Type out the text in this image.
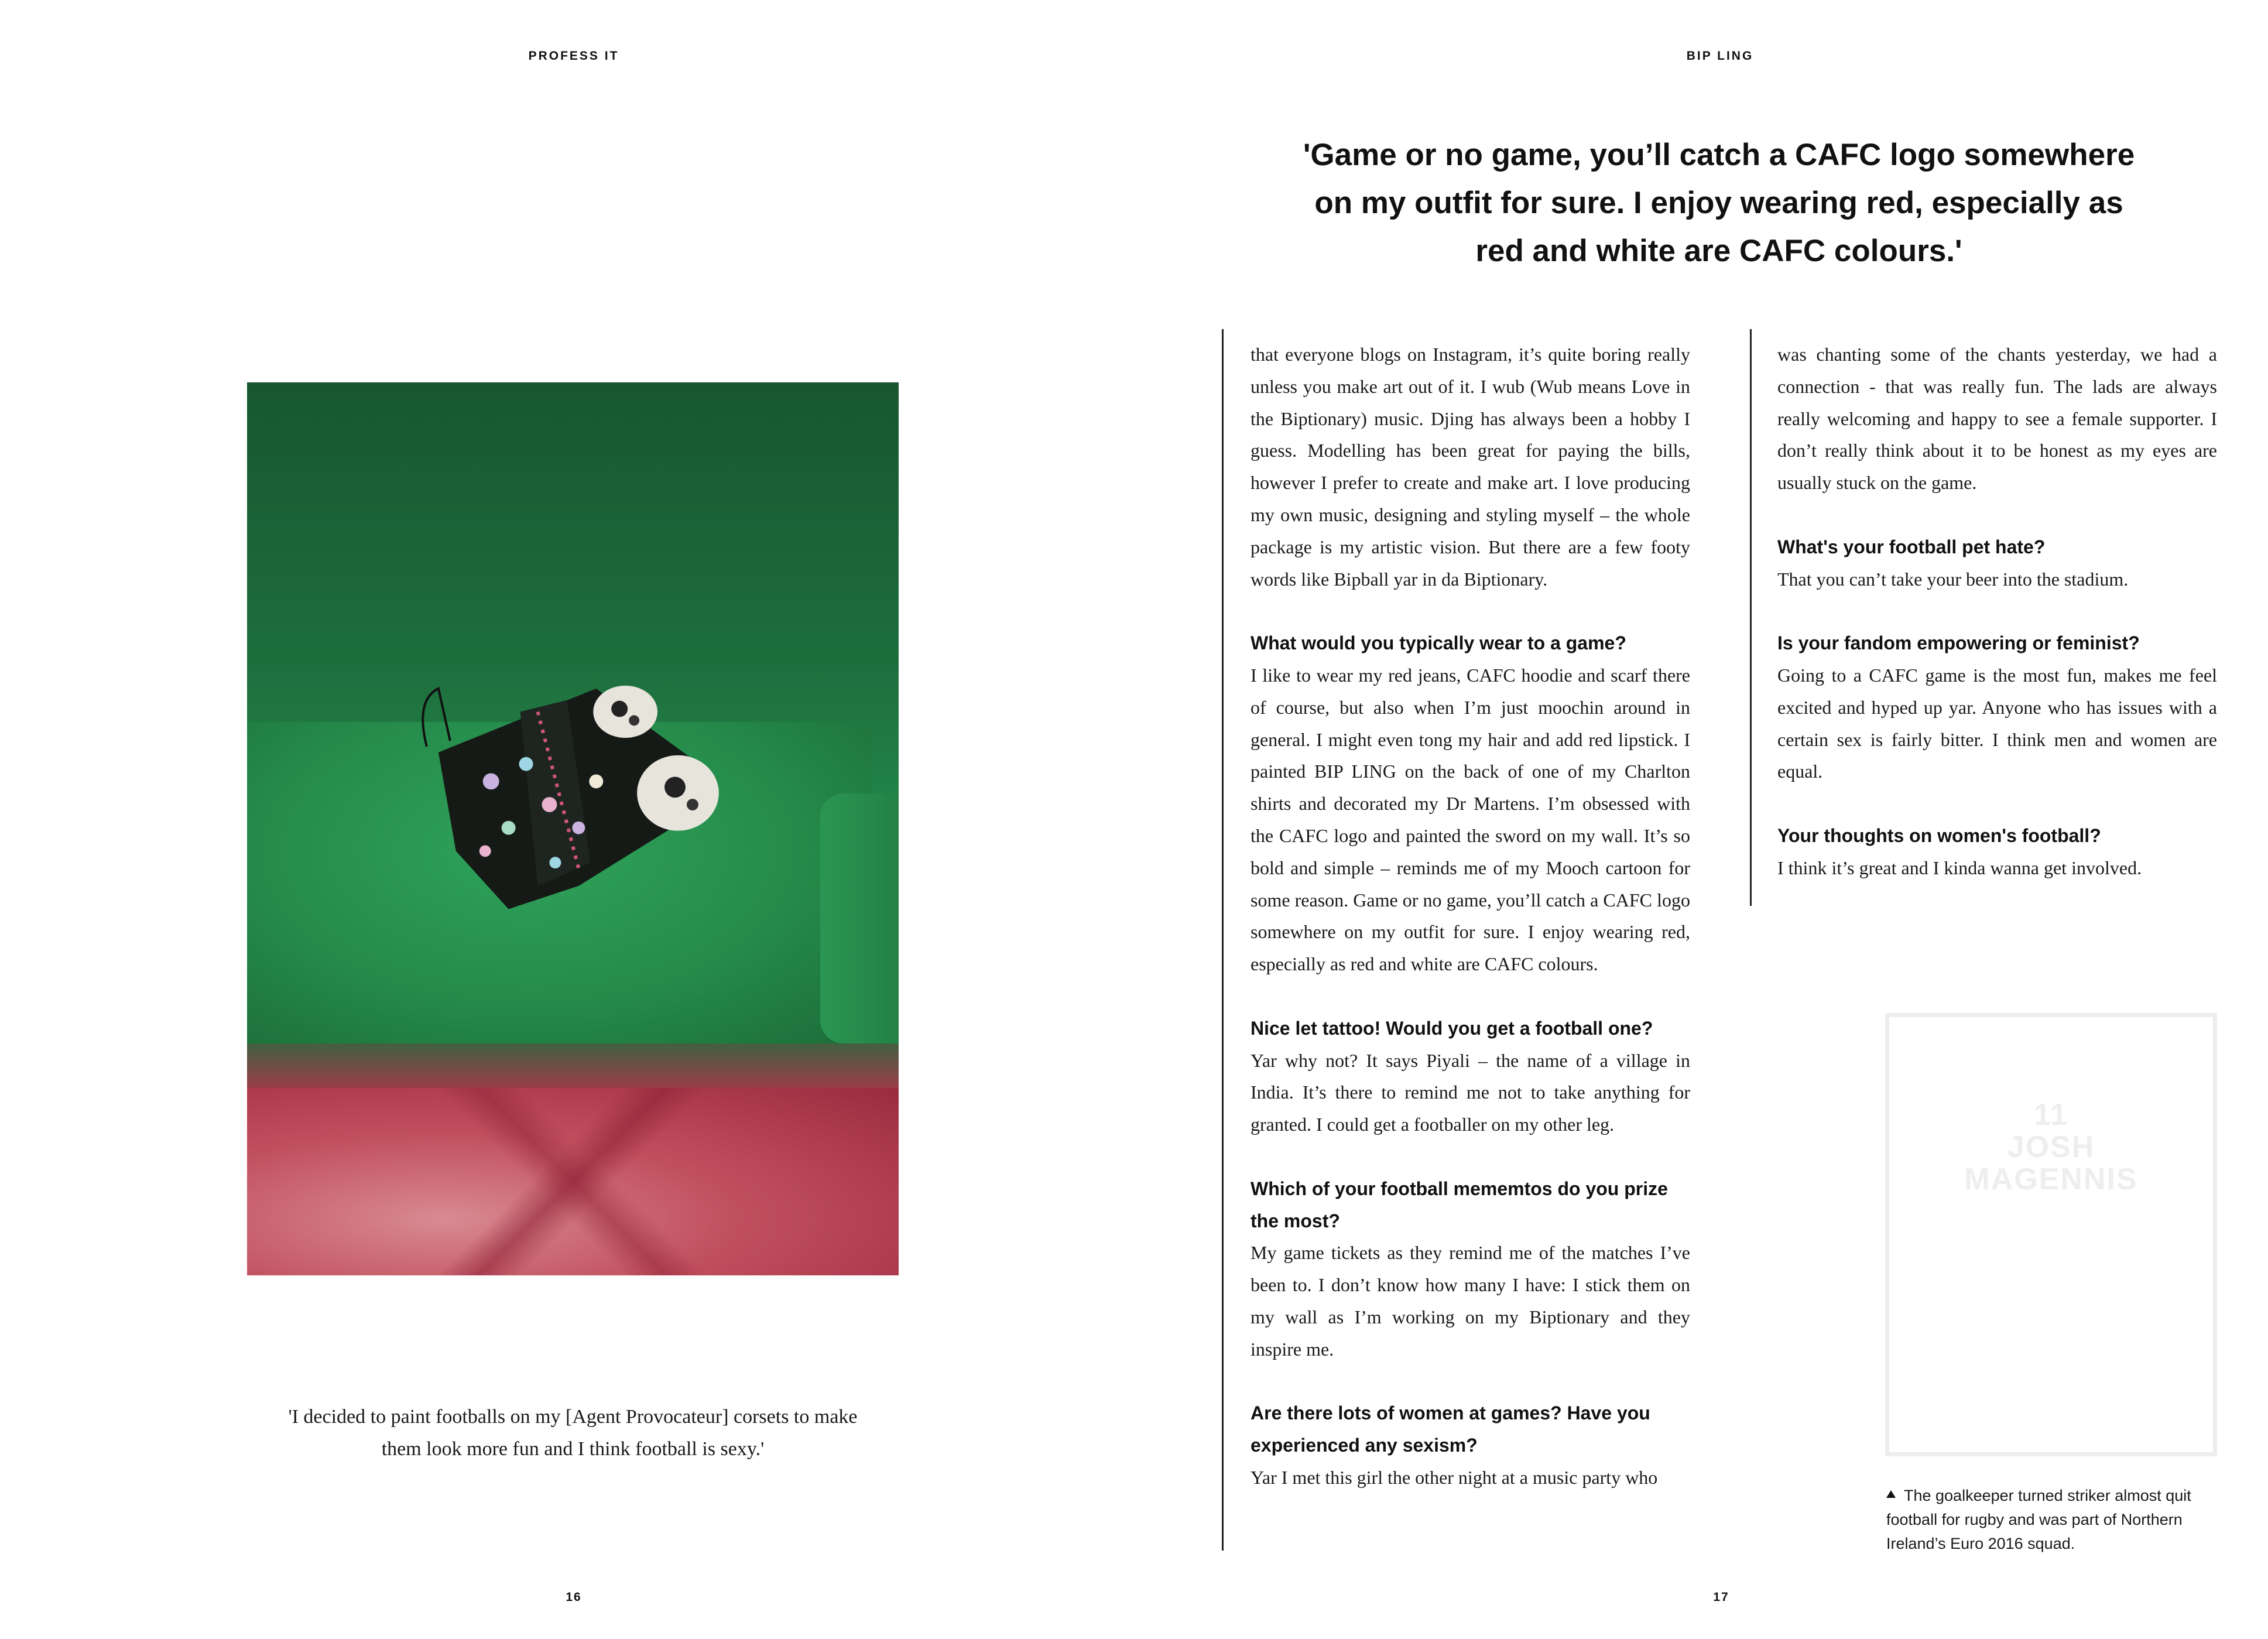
PROFESS IT
'I decided to paint footballs on my [Agent Provocateur] corsets to make
them look more fun and I think football is sexy.'
16
BIP LING
'Game or no game, you’ll catch a CAFC logo somewhere
on my outfit for sure. I enjoy wearing red, especially as
red and white are CAFC colours.'

that everyone blogs on Instagram, it’s quite boring really unless you make art out of it. I wub (Wub means Love in the Biptionary) music. Djing has always been a hobby I guess. Modelling has been great for paying the bills, however I prefer to create and make art. I love producing my own music, designing and styling myself – the whole package is my artistic vision. But there are a few footy words like Bipball yar in da Biptionary.

What would you typically wear to a game?

I like to wear my red jeans, CAFC hoodie and scarf there of course, but also when I’m just moochin around in general. I might even tong my hair and add red lipstick. I painted BIP LING on the back of one of my Charlton shirts and decorated my Dr Martens. I’m obsessed with the CAFC logo and painted the sword on my wall. It’s so bold and simple – reminds me of my Mooch cartoon for some reason. Game or no game, you’ll catch a CAFC logo somewhere on my outfit for sure. I enjoy wearing red, especially as red and white are CAFC colours.

Nice let tattoo! Would you get a football one?

Yar why not? It says Piyali – the name of a village in India. It’s there to remind me not to take anything for granted. I could get a footballer on my other leg.

Which of your football mememtos do you prize the most?

My game tickets as they remind me of the matches I’ve been to. I don’t know how many I have: I stick them on my wall as I’m working on my Biptionary and they inspire me.

Are there lots of women at games? Have you experienced any sexism?

Yar I met this girl the other night at a music party who

was chanting some of the chants yesterday, we had a connection - that was really fun. The lads are always really welcoming and happy to see a female supporter. I don’t really think about it to be honest as my eyes are usually stuck on the game.

What's your football pet hate?

That you can’t take your beer into the stadium.

Is your fandom empowering or feminist?

Going to a CAFC game is the most fun, makes me feel excited and hyped up yar. Anyone who has issues with a certain sex is fairly bitter. I think men and women are equal.

Your thoughts on women's football?

I think it’s great and I kinda wanna get involved.

11
JOSH
MAGENNIS
The goalkeeper turned striker almost quit football for rugby and was part of Northern Ireland’s Euro 2016 squad.
17
